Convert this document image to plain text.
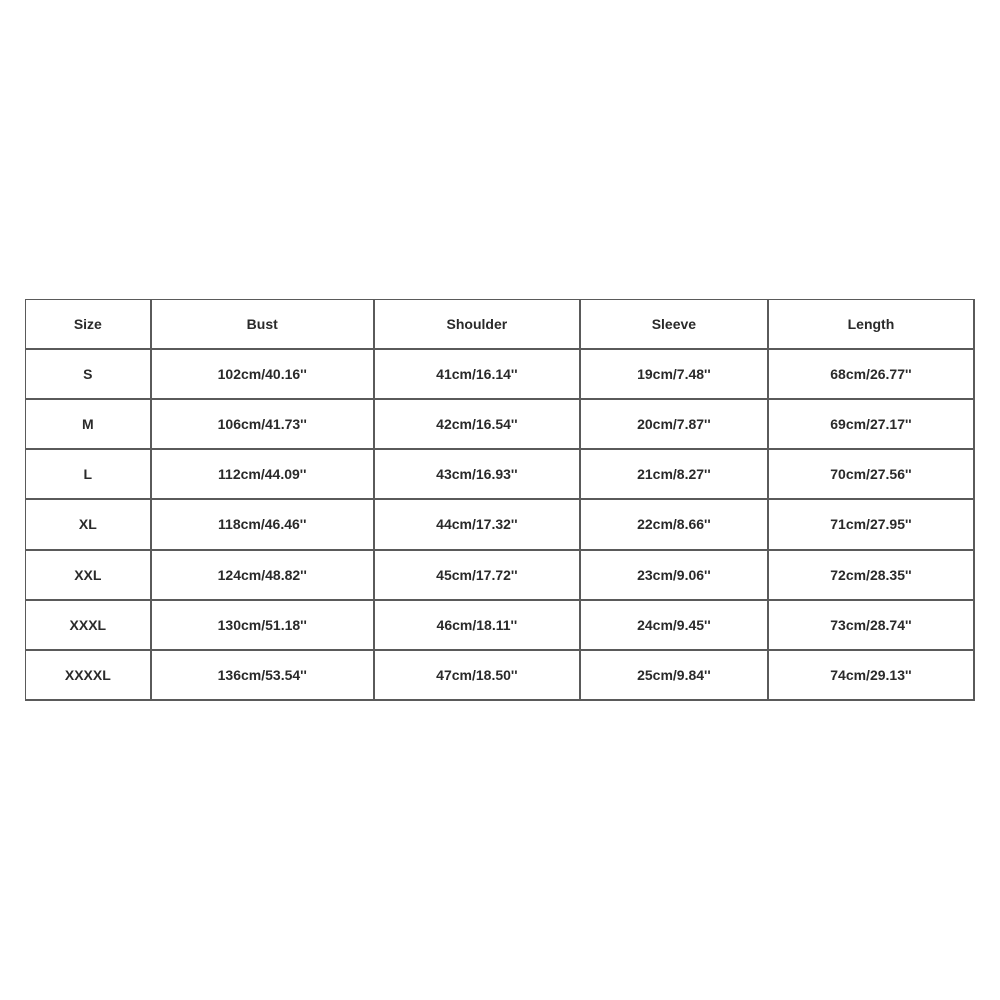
Size	Bust	Shoulder	Sleeve	Length
S	102cm/40.16''	41cm/16.14''	19cm/7.48''	68cm/26.77''
M	106cm/41.73''	42cm/16.54''	20cm/7.87''	69cm/27.17''
L	112cm/44.09''	43cm/16.93''	21cm/8.27''	70cm/27.56''
XL	118cm/46.46''	44cm/17.32''	22cm/8.66''	71cm/27.95''
XXL	124cm/48.82''	45cm/17.72''	23cm/9.06''	72cm/28.35''
XXXL	130cm/51.18''	46cm/18.11''	24cm/9.45''	73cm/28.74''
XXXXL	136cm/53.54''	47cm/18.50''	25cm/9.84''	74cm/29.13''
